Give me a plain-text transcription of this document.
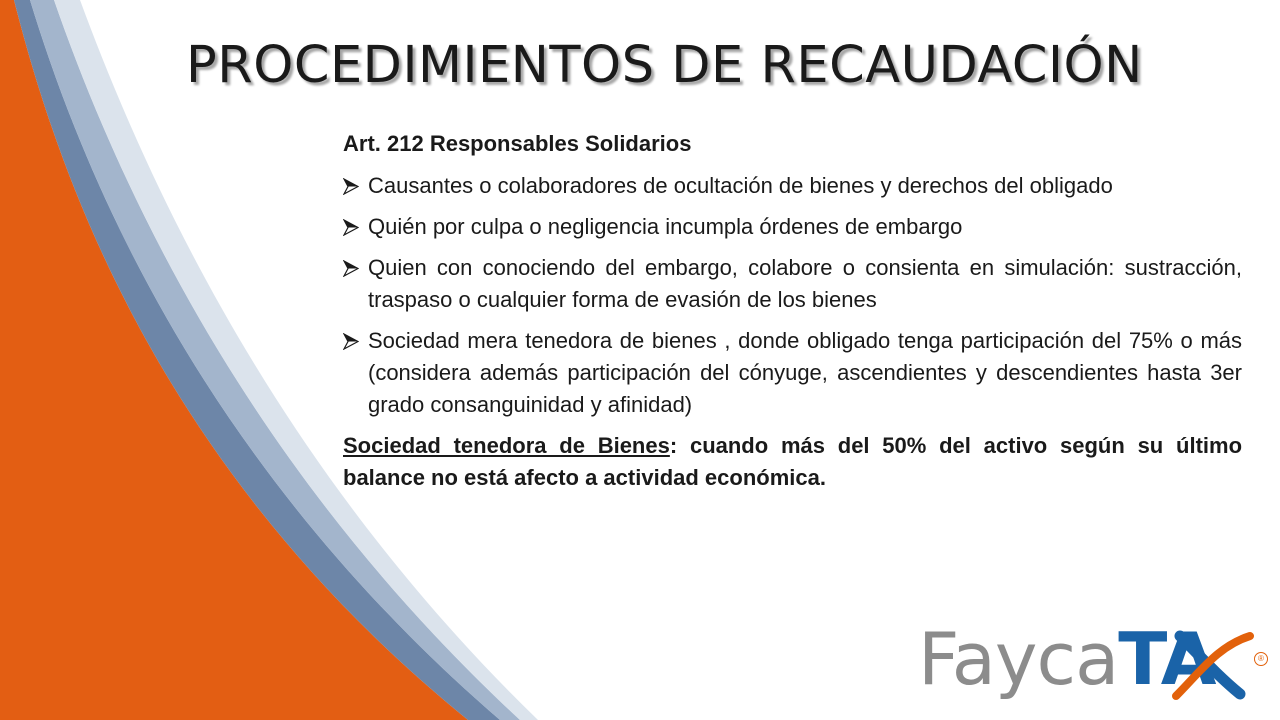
PROCEDIMIENTOS DE RECAUDACIÓN

Art. 212 Responsables Solidarios

Causantes o colaboradores de ocultación de bienes y derechos del obligado
Quién por culpa o negligencia incumpla órdenes de embargo
Quien con conociendo del embargo, colabore o consienta en simulación: sustracción, traspaso o cualquier forma de evasión de los bienes
Sociedad mera tenedora de bienes , donde obligado tenga participación del 75% o más (considera además participación del cónyuge, ascendientes y descendientes hasta 3er grado consanguinidad y afinidad)

Sociedad tenedora de Bienes: cuando más del 50% del activo según su último balance no está afecto a actividad económica.

FaycaTA	®
